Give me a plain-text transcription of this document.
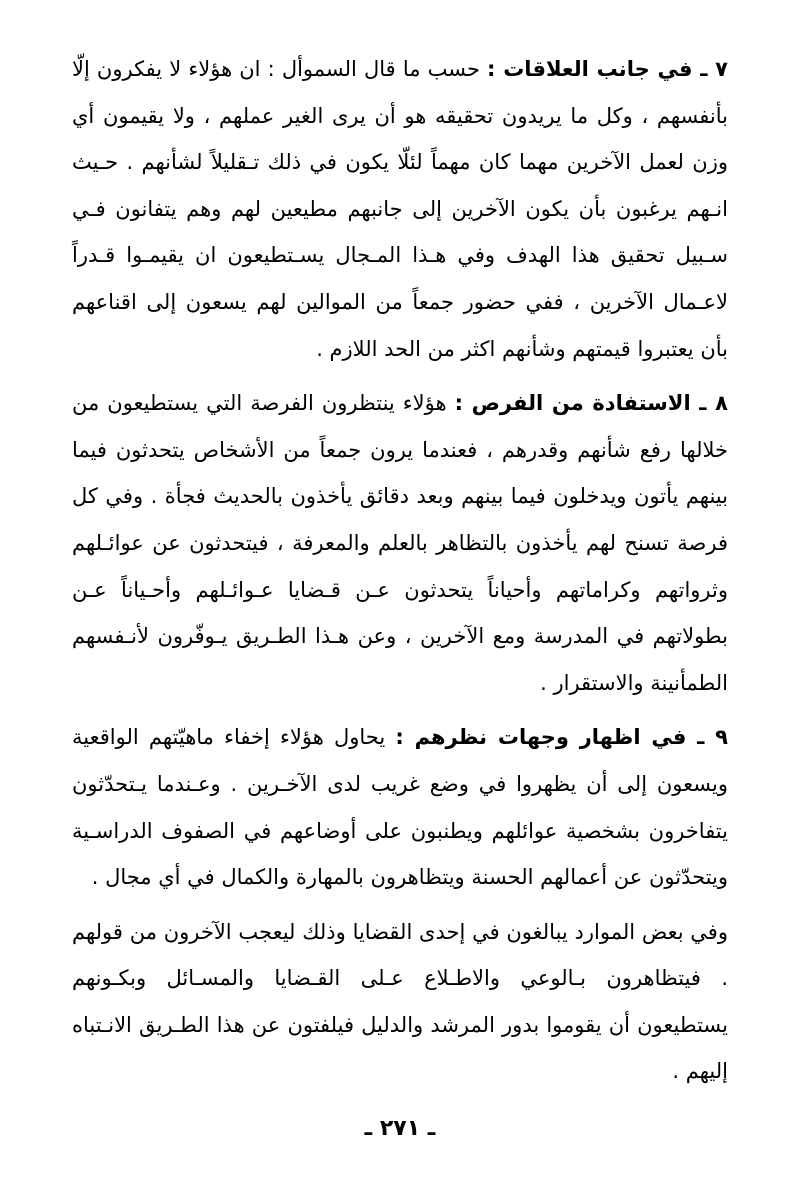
٧ ـ في جانب العلاقات : حسب ما قال السموأل : ان هؤلاء لا يفكرون إلّا بأنفسهم ، وكل ما يريدون تحقيقه هو أن يرى الغير عملهم ، ولا يقيمون أي وزن لعمل الآخرين مهما كان مهماً لئلّا يكون في ذلك تـقليلاً لشأنهم . حـيث انـهم يرغبون بأن يكون الآخرين إلى جانبهم مطيعين لهم وهم يتفانون فـي سـبيل تحقيق هذا الهدف وفي هـذا المـجال يسـتطيعون ان يقيمـوا قـدراً لاعـمال الآخرين ، ففي حضور جمعاً من الموالين لهم يسعون إلى اقناعهم بأن يعتبروا قيمتهم وشأنهم اكثر من الحد اللازم .

٨ ـ الاستفادة من الفرص : هؤلاء ينتظرون الفرصة التي يستطيعون من خلالها رفع شأنهم وقدرهم ، فعندما يرون جمعاً من الأشخاص يتحدثون فيما بينهم يأتون ويدخلون فيما بينهم وبعد دقائق يأخذون بالحديث فجأة . وفي كل فرصة تسنح لهم يأخذون بالتظاهر بالعلم والمعرفة ، فيتحدثون عن عوائـلهم وثرواتهم وكراماتهم وأحياناً يتحدثون عـن قـضايا عـوائـلهم وأحـياناً عـن بطولاتهم في المدرسة ومع الآخرين ، وعن هـذا الطـريق يـوفّرون لأنـفسهم الطمأنينة والاستقرار .

٩ ـ في اظهار وجهات نظرهم : يحاول هؤلاء إخفاء ماهيّتهم الواقعية ويسعون إلى أن يظهروا في وضع غريب لدى الآخـرين . وعـندما يـتحدّثون يتفاخرون بشخصية عوائلهم ويطنبون على أوضاعهم في الصفوف الدراسـية ويتحدّثون عن أعمالهم الحسنة ويتظاهرون بالمهارة والكمال في أي مجال .

وفي بعض الموارد يبالغون في إحدى القضايا وذلك ليعجب الآخرون من قولهم . فيتظاهرون بـالوعي والاطـلاع عـلى القـضايا والمسـائل وبكـونهم يستطيعون أن يقوموا بدور المرشد والدليل فيلفتون عن هذا الطـريق الانـتباه إليهم .

ـ ٢٧١ ـ
